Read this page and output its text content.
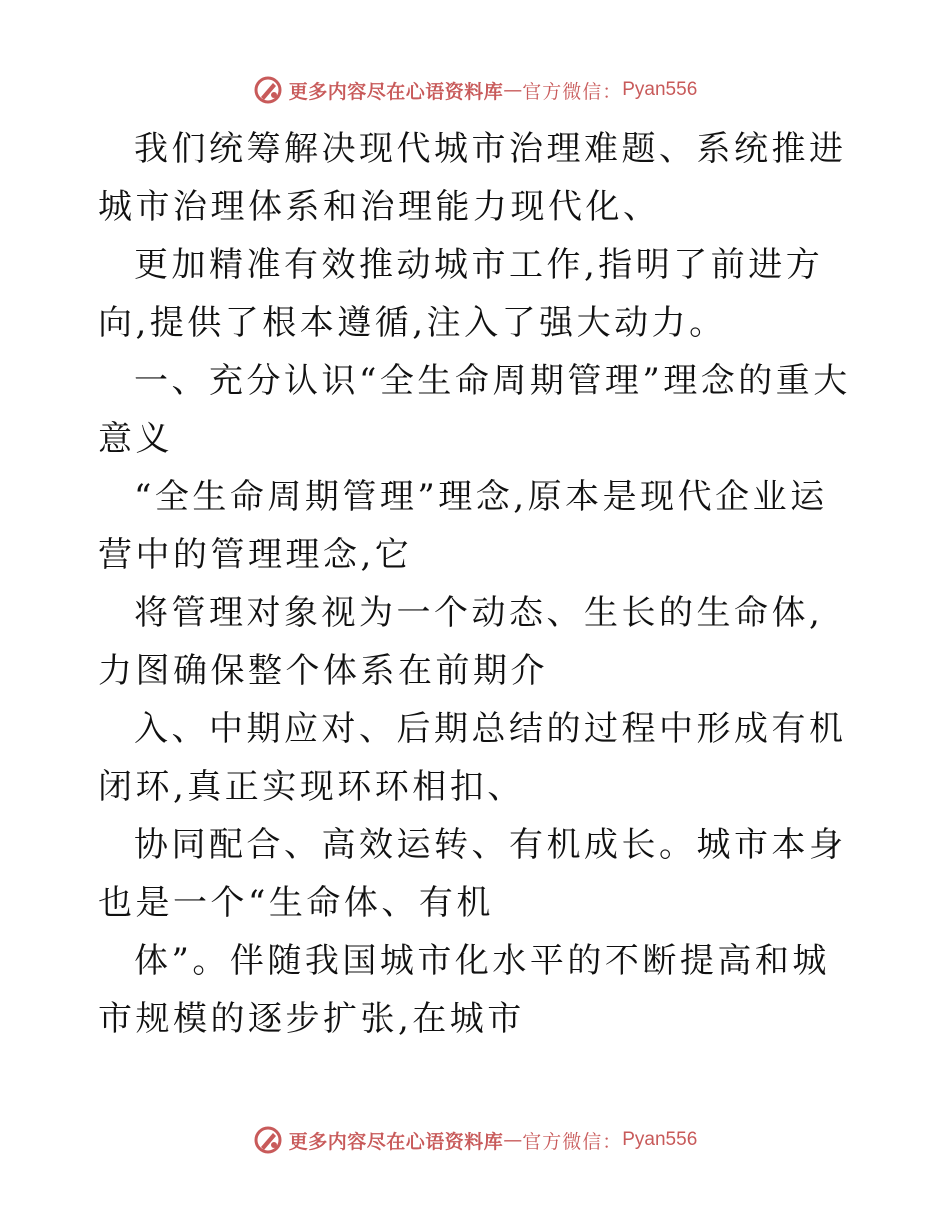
更多内容尽在心语资料库 — 官方微信： Pyan556

我们统筹解决现代城市治理难题、系统推进城市治理体系和治理能力现代化、

更加精准有效推动城市工作,指明了前进方向,提供了根本遵循,注入了强大动力。

一、充分认识“全生命周期管理”理念的重大意义

“全生命周期管理”理念,原本是现代企业运营中的管理理念,它

将管理对象视为一个动态、生长的生命体,力图确保整个体系在前期介

入、中期应对、后期总结的过程中形成有机闭环,真正实现环环相扣、

协同配合、高效运转、有机成长。城市本身也是一个“生命体、有机

体”。伴随我国城市化水平的不断提高和城市规模的逐步扩张,在城市

更多内容尽在心语资料库 — 官方微信： Pyan556
